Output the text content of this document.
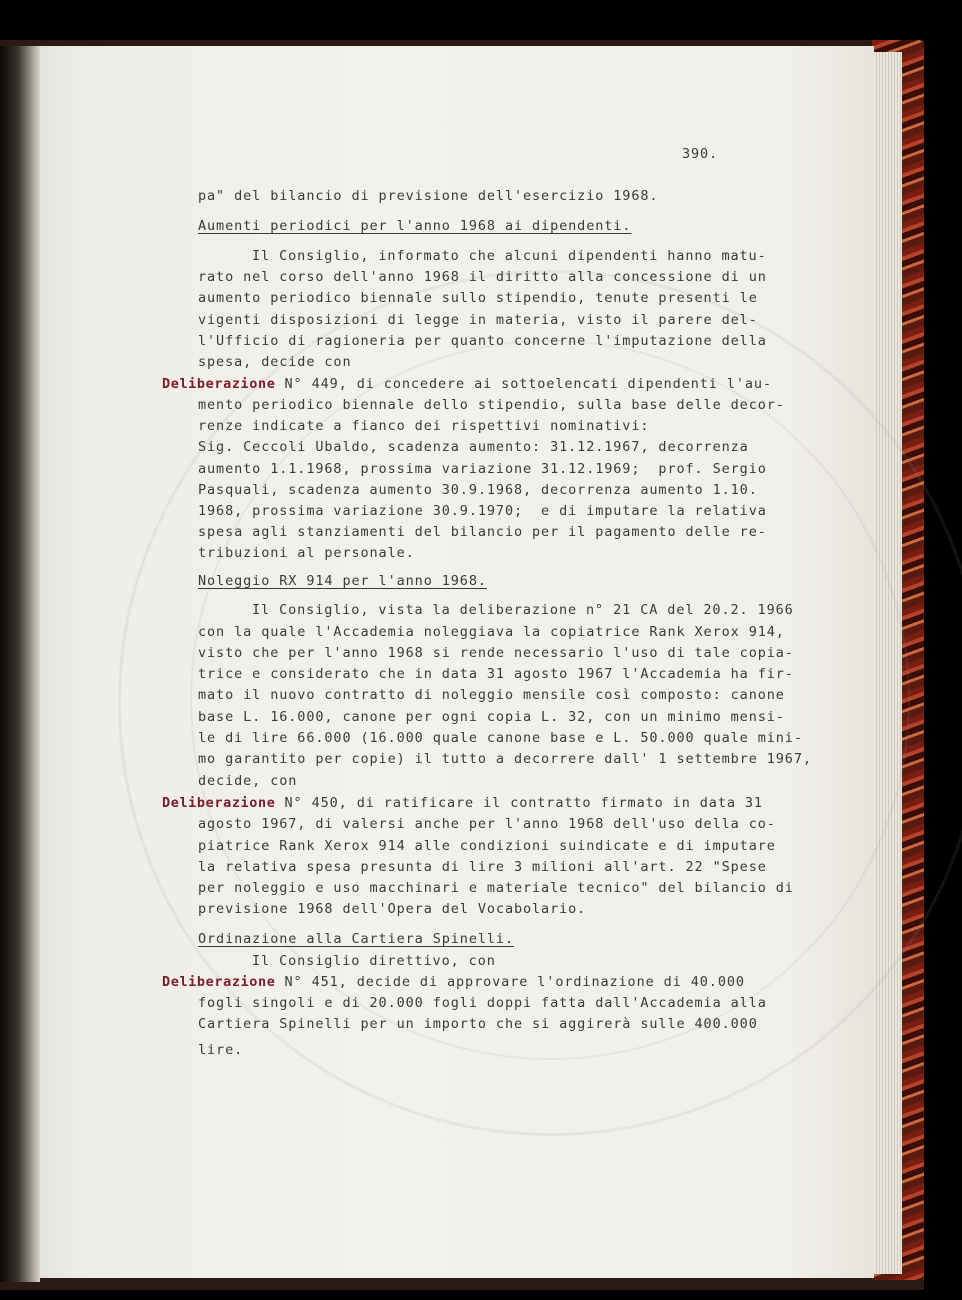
390.
pa" del bilancio di previsione dell'esercizio 1968.
Aumenti periodici per l'anno 1968 ai dipendenti.
Il Consiglio, informato che alcuni dipendenti hanno matu-
rato nel corso dell'anno 1968 il diritto alla concessione di un
aumento periodico biennale sullo stipendio, tenute presenti le
vigenti disposizioni di legge in materia, visto il parere del-
l'Ufficio di ragioneria per quanto concerne l'imputazione della
spesa, decide con
Deliberazione N° 449, di concedere ai sottoelencati dipendenti l'au-
mento periodico biennale dello stipendio, sulla base delle decor-
renze indicate a fianco dei rispettivi nominativi:
Sig. Ceccoli Ubaldo, scadenza aumento: 31.12.1967, decorrenza
aumento 1.1.1968, prossima variazione 31.12.1969;  prof. Sergio
Pasquali, scadenza aumento 30.9.1968, decorrenza aumento 1.10.
1968, prossima variazione 30.9.1970;  e di imputare la relativa
spesa agli stanziamenti del bilancio per il pagamento delle re-
tribuzioni al personale.
Noleggio RX 914 per l'anno 1968.
Il Consiglio, vista la deliberazione n° 21 CA del 20.2. 1966
con la quale l'Accademia noleggiava la copiatrice Rank Xerox 914,
visto che per l'anno 1968 si rende necessario l'uso di tale copia-
trice e considerato che in data 31 agosto 1967 l'Accademia ha fir-
mato il nuovo contratto di noleggio mensile così composto: canone
base L. 16.000, canone per ogni copia L. 32, con un minimo mensi-
le di lire 66.000 (16.000 quale canone base e L. 50.000 quale mini-
mo garantito per copie) il tutto a decorrere dall' 1 settembre 1967,
decide, con
Deliberazione N° 450, di ratificare il contratto firmato in data 31
agosto 1967, di valersi anche per l'anno 1968 dell'uso della co-
piatrice Rank Xerox 914 alle condizioni suindicate e di imputare
la relativa spesa presunta di lire 3 milioni all'art. 22 "Spese
per noleggio e uso macchinari e materiale tecnico" del bilancio di
previsione 1968 dell'Opera del Vocabolario.
Ordinazione alla Cartiera Spinelli.
Il Consiglio direttivo, con
Deliberazione N° 451, decide di approvare l'ordinazione di 40.000
fogli singoli e di 20.000 fogli doppi fatta dall'Accademia alla
Cartiera Spinelli per un importo che si aggirerà sulle 400.000
lire.
